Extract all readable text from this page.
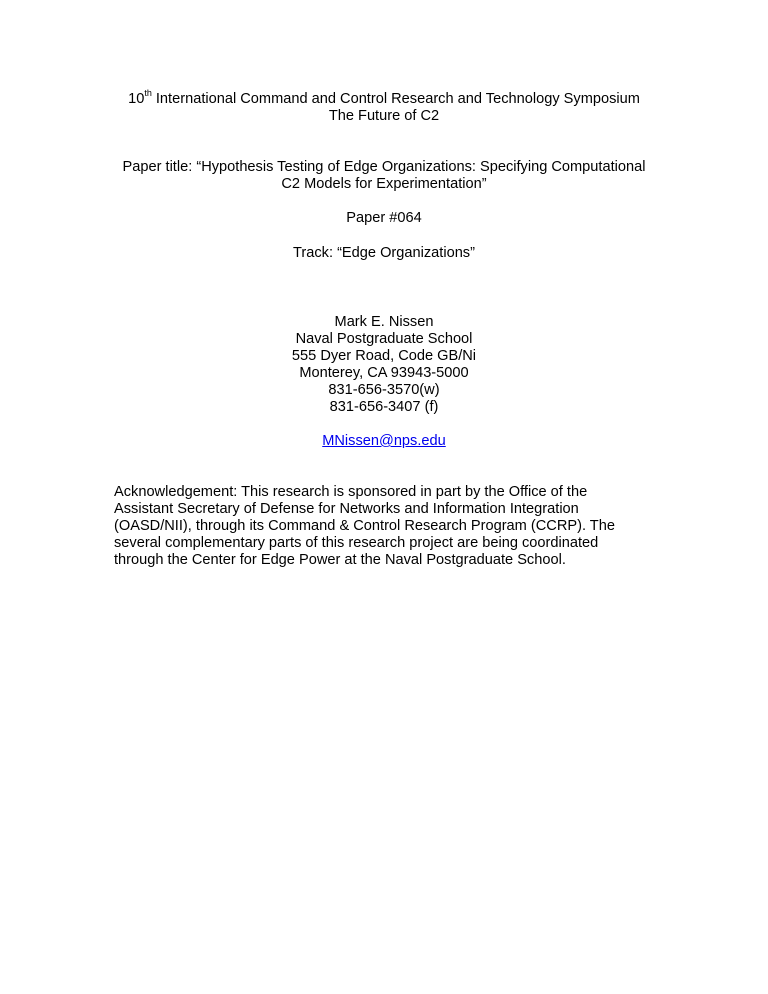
10th International Command and Control Research and Technology Symposium
The Future of C2
Paper title: “Hypothesis Testing of Edge Organizations: Specifying Computational
C2 Models for Experimentation”
Paper #064
Track: “Edge Organizations”
Mark E. Nissen
Naval Postgraduate School
555 Dyer Road, Code GB/Ni
Monterey, CA 93943-5000
831-656-3570(w)
831-656-3407 (f)
MNissen@nps.edu
Acknowledgement: This research is sponsored in part by the Office of the
Assistant Secretary of Defense for Networks and Information Integration
(OASD/NII), through its Command & Control Research Program (CCRP). The
several complementary parts of this research project are being coordinated
through the Center for Edge Power at the Naval Postgraduate School.
